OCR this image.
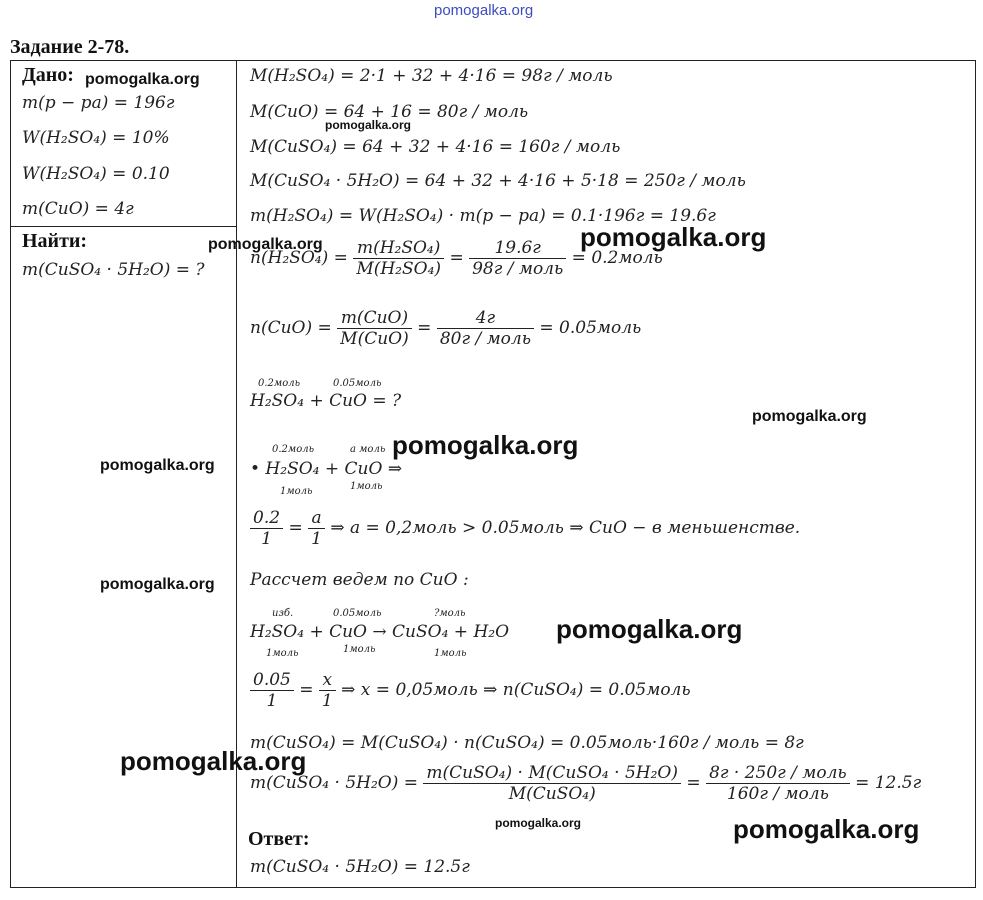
pomogalka.org
Задание 2-78.
Дано:
m(p − pa) = 196г
W(H₂SO₄) = 10%
W(H₂SO₄) = 0.10
m(CuO) = 4г
Найти:
m(CuSO₄ · 5H₂O) = ?
M(H₂SO₄) = 2·1 + 32 + 4·16 = 98г / моль
M(CuO) = 64 + 16 = 80г / моль
M(CuSO₄) = 64 + 32 + 4·16 = 160г / моль
M(CuSO₄ · 5H₂O) = 64 + 32 + 4·16 + 5·18 = 250г / моль
m(H₂SO₄) = W(H₂SO₄) · m(p − pa) = 0.1·196г = 19.6г
$n(H_2SO_4) = \frac{\text{m(H₂SO₄)}}{\text{M(H₂SO₄)}} = \frac{19.6г}{\text{98г / моль}}$ = 0.2моль
$n(CuO) = \frac{\text{m(CuO)}}{\text{M(CuO)}} = \frac{4г}{\text{80г / моль}}$ = 0.05моль
0.2моль	0.05моль
H₂SO₄ + CuO = ?
0.2моль	a моль
• H₂SO₄ + CuO ⇒
1моль	1моль
$\frac{0.2}{1} = \frac{a}{1}$ ⇒ a = 0,2моль > 0.05моль ⇒ CuO − в меньшенстве.
Рассчет ведем по CuO :
изб.	0.05моль	?моль
H₂SO₄ + CuO → CuSO₄ + H₂O
1моль	1моль	1моль
$\frac{0.05}{1} = \frac{x}{1}$ ⇒ x = 0,05моль ⇒ n(CuSO₄) = 0.05моль
m(CuSO₄) = M(CuSO₄) · n(CuSO₄) = 0.05моль·160г / моль = 8г
m(CuSO₄ · $5H_2O) = \frac{\text{m(CuSO₄) · M(CuSO₄ · 5H₂O)}}{\text{M(CuSO₄)}} = \frac{\text{8г · 250г / моль}}{\text{160г / моль}} = 12.5г$
Ответ:
m(CuSO₄ · 5H₂O) = 12.5г
pomogalka.org
pomogalka.org
pomogalka.org	pomogalka.org
pomogalka.org
pomogalka.org
pomogalka.org
pomogalka.org
pomogalka.org
pomogalka.org
pomogalka.org	pomogalka.org
